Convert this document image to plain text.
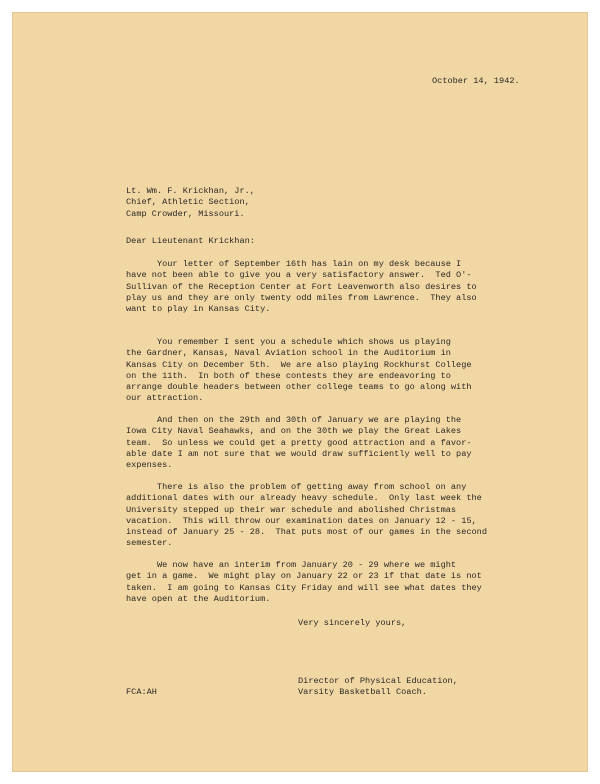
October 14, 1942.
Lt. Wm. F. Krickhan, Jr.,
Chief, Athletic Section,
Camp Crowder, Missouri.
Dear Lieutenant Krickhan:
Your letter of September 16th has lain on my desk because I
have not been able to give you a very satisfactory answer.  Ted O'-
Sullivan of the Reception Center at Fort Leavenworth also desires to
play us and they are only twenty odd miles from Lawrence.  They also
want to play in Kansas City.
You remember I sent you a schedule which shows us playing
the Gardner, Kansas, Naval Aviation school in the Auditorium in
Kansas City on December 5th.  We are also playing Rockhurst College
on the 11th.  In both of these contests they are endeavoring to
arrange double headers between other college teams to go along with
our attraction.
And then on the 29th and 30th of January we are playing the
Iowa City Naval Seahawks, and on the 30th we play the Great Lakes
team.  So unless we could get a pretty good attraction and a favor-
able date I am not sure that we would draw sufficiently well to pay
expenses.
There is also the problem of getting away from school on any
additional dates with our already heavy schedule.  Only last week the
University stepped up their war schedule and abolished Christmas
vacation.  This will throw our examination dates on January 12 - 15,
instead of January 25 - 28.  That puts most of our games in the second
semester.
We now have an interim from January 20 - 29 where we might
get in a game.  We might play on January 22 or 23 if that date is not
taken.  I am going to Kansas City Friday and will see what dates they
have open at the Auditorium.
Very sincerely yours,
Director of Physical Education,
Varsity Basketball Coach.
FCA:AH
